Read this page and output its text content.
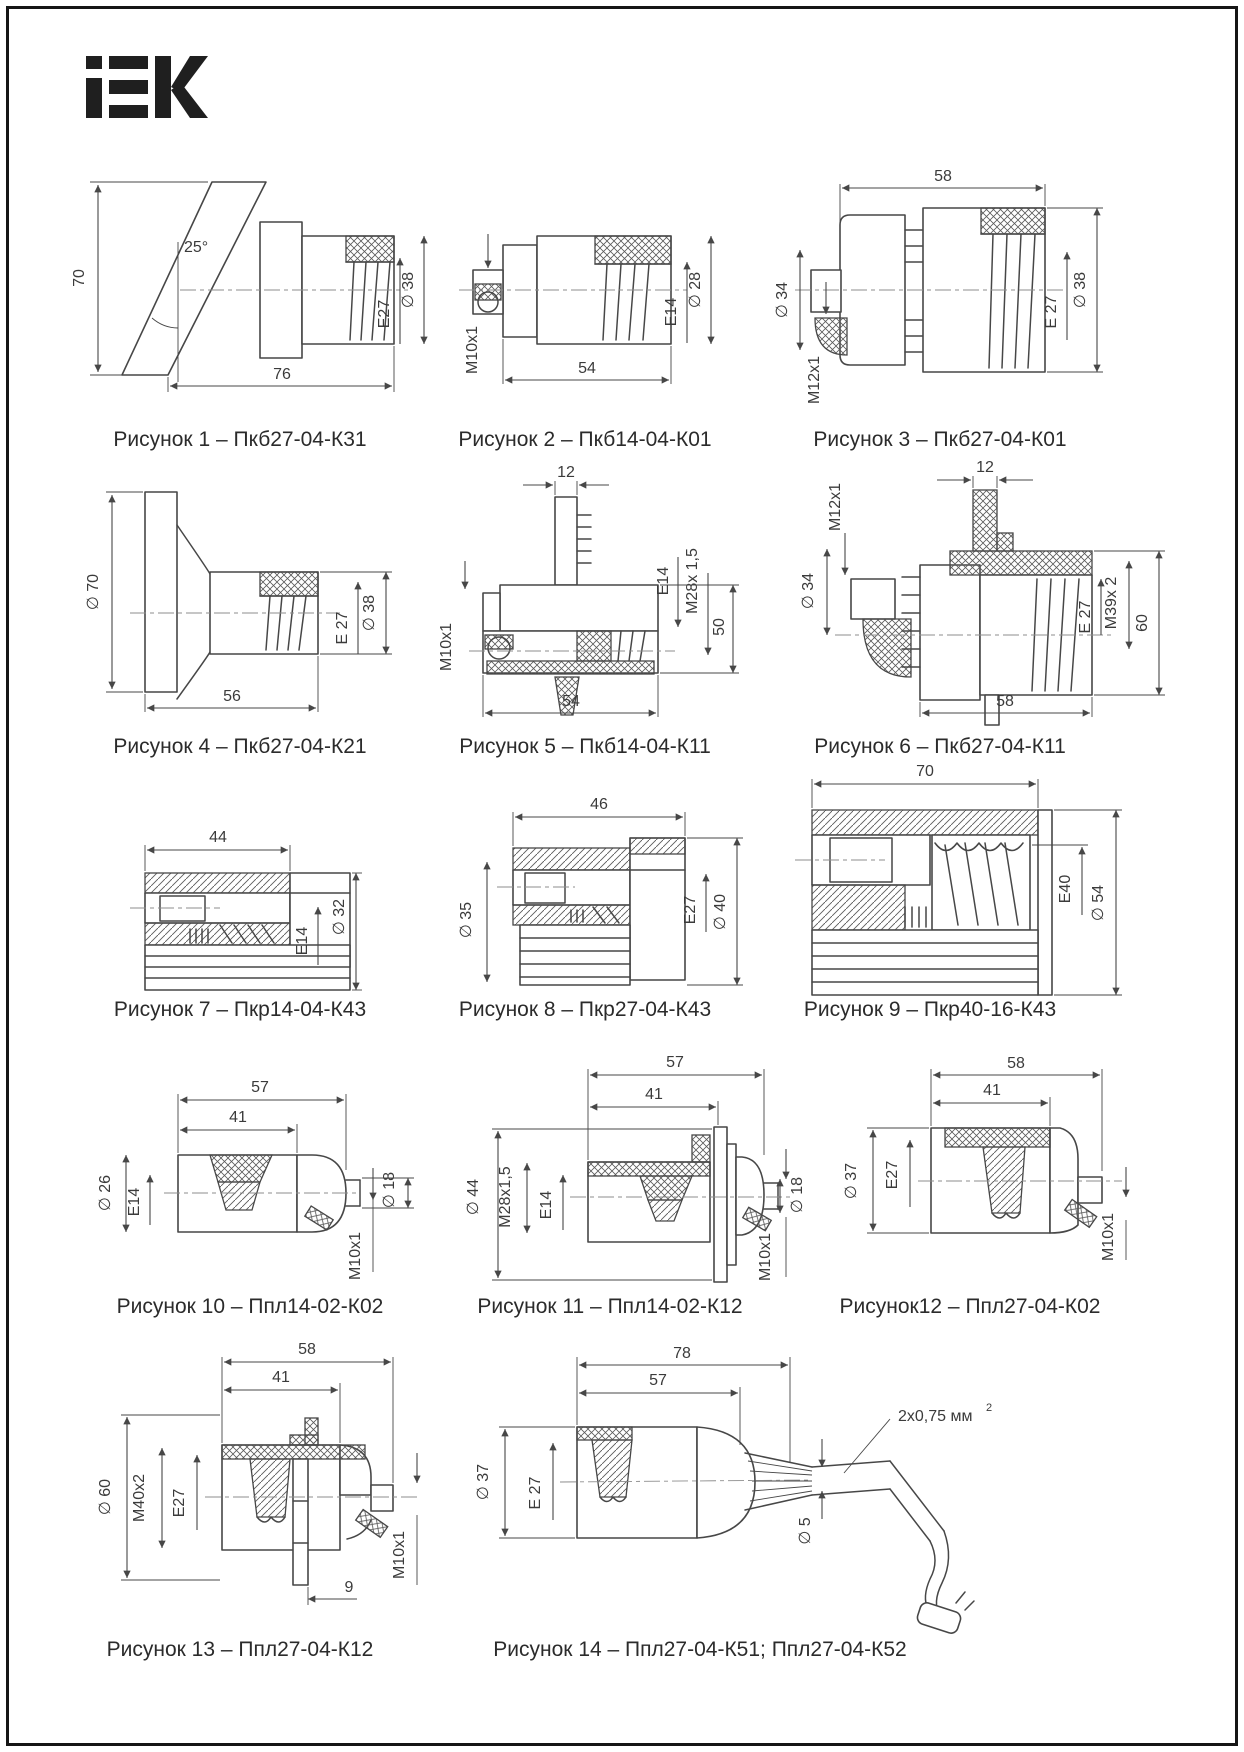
70
25°
76
E27
∅ 38
Рисунок 1 – Пкб27-04-К31
M10x1	54
E14
∅ 28
Рисунок 2 – Пкб14-04-К01
58
∅ 34
M12x1
E 27
∅ 38
Рисунок 3 – Пкб27-04-К01
∅ 70
56
E 27 ∅ 38
Рисунок 4 – Пкб27-04-К21
12
M10x1
54
E14 M28x 1,5
50
Рисунок 5 – Пкб14-04-К11
12
M12x1
∅ 34
58
E 27 M39x 2 60
Рисунок 6 – Пкб27-04-К11
44
E14
∅ 32
Рисунок 7 – Пкр14-04-К43
46
∅ 35	E27 ∅ 40
Рисунок 8 – Пкр27-04-К43
70
E40 ∅ 54
Рисунок 9 – Пкр40-16-К43
57
41
∅ 26 E14	∅ 18
M10x1
Рисунок 10 – Ппл14-02-К02
57
41
∅ 44 M28x1,5 E14	∅ 18
M10x1
Рисунок 11 – Ппл14-02-К12
58
41
∅ 37 E27
M10x1
Рисунок12 – Ппл27-04-К02
58
41
∅ 60 M40x2 E27
M10x1
9
Рисунок 13 – Ппл27-04-К12
78
57
∅ 37 E 27
∅ 5
2x0,75 мм 2
Рисунок 14 – Ппл27-04-К51; Ппл27-04-К52
